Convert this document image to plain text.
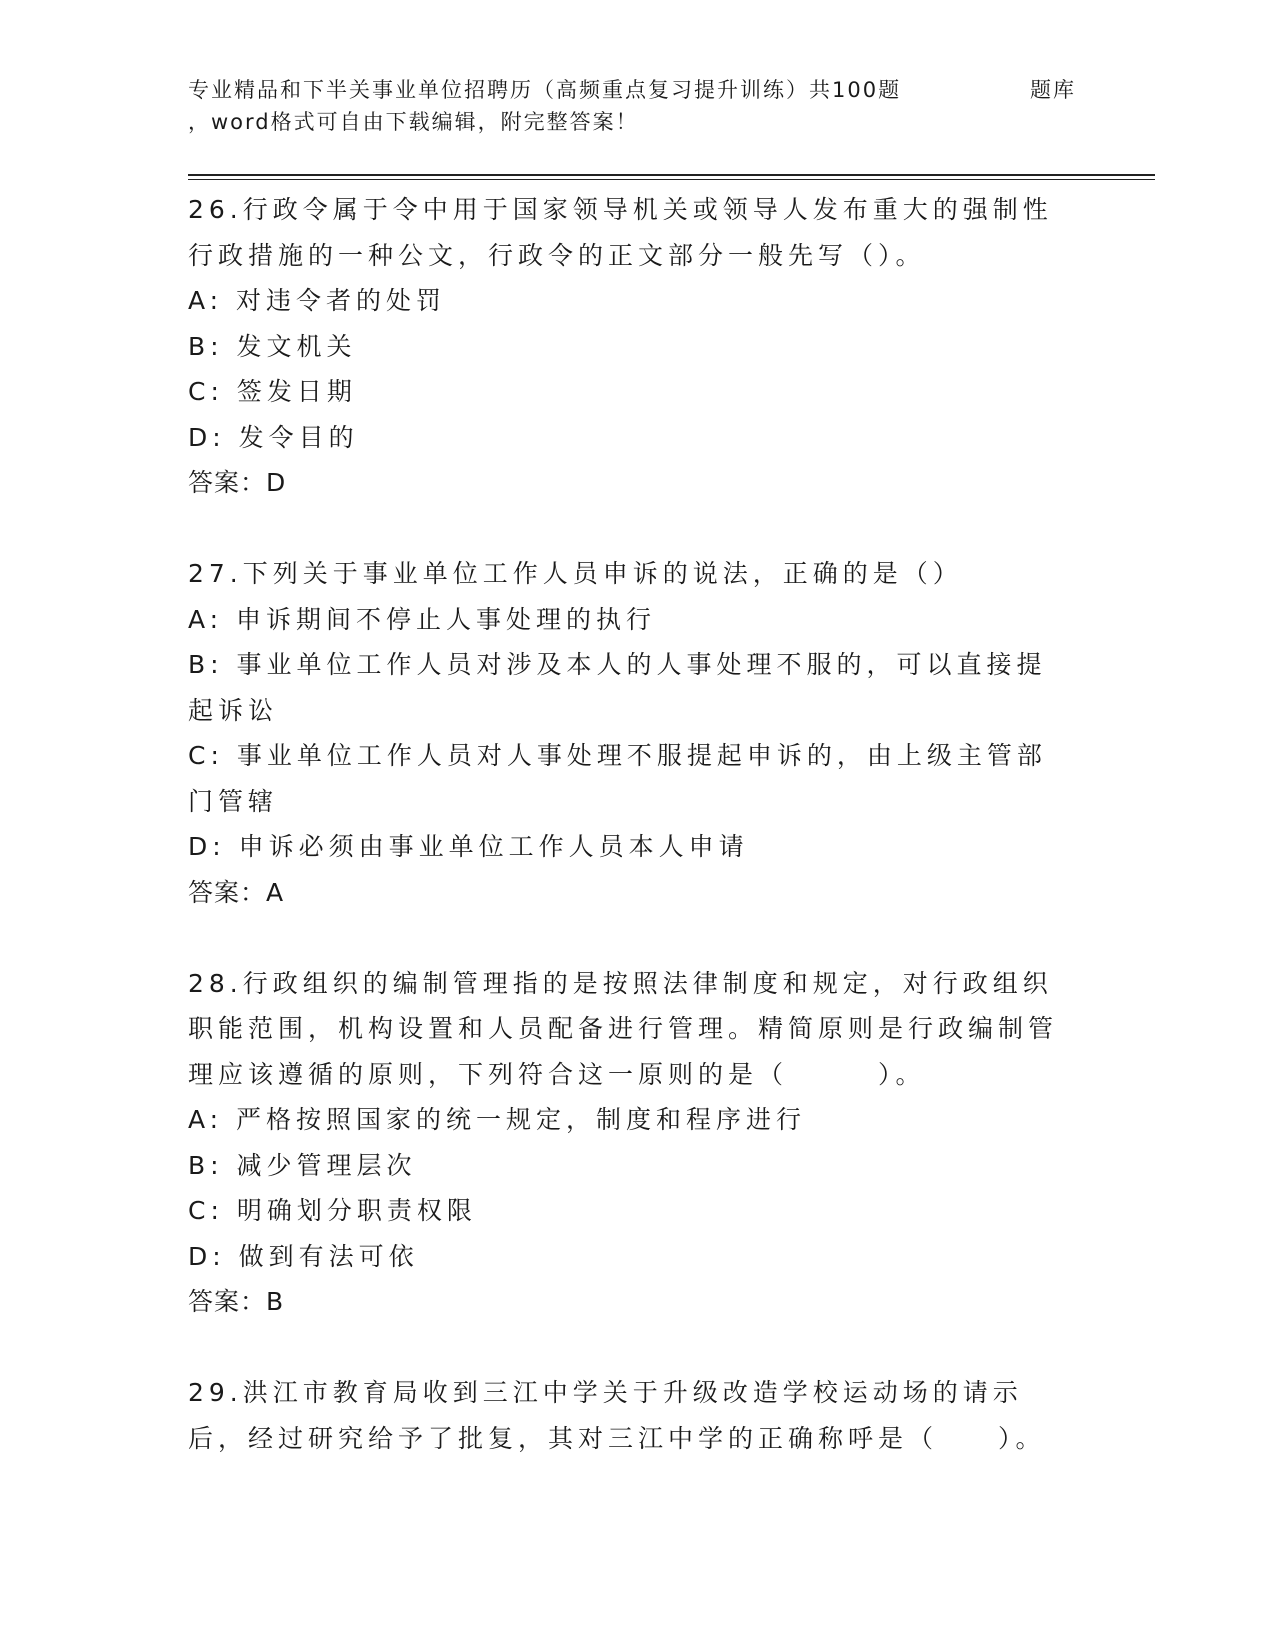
专业精品和下半关事业单位招聘历（高频重点复习提升训练）共100题	题库
，word格式可自由下载编辑，附完整答案！

26.行政令属于令中用于国家领导机关或领导人发布重大的强制性行政措施的一种公文，行政令的正文部分一般先写（）。

A: 对违令者的处罚

B: 发文机关

C: 签发日期

D: 发令目的

答案：D

27.下列关于事业单位工作人员申诉的说法，正确的是（）

A: 申诉期间不停止人事处理的执行

B: 事业单位工作人员对涉及本人的人事处理不服的，可以直接提起诉讼

C: 事业单位工作人员对人事处理不服提起申诉的，由上级主管部门管辖

D: 申诉必须由事业单位工作人员本人申请

答案：A

28.行政组织的编制管理指的是按照法律制度和规定，对行政组织职能范围，机构设置和人员配备进行管理。精简原则是行政编制管理应该遵循的原则，下列符合这一原则的是（　　　）。

A: 严格按照国家的统一规定，制度和程序进行

B: 减少管理层次

C: 明确划分职责权限

D: 做到有法可依

答案：B

29.洪江市教育局收到三江中学关于升级改造学校运动场的请示后，经过研究给予了批复，其对三江中学的正确称呼是（　　）。
